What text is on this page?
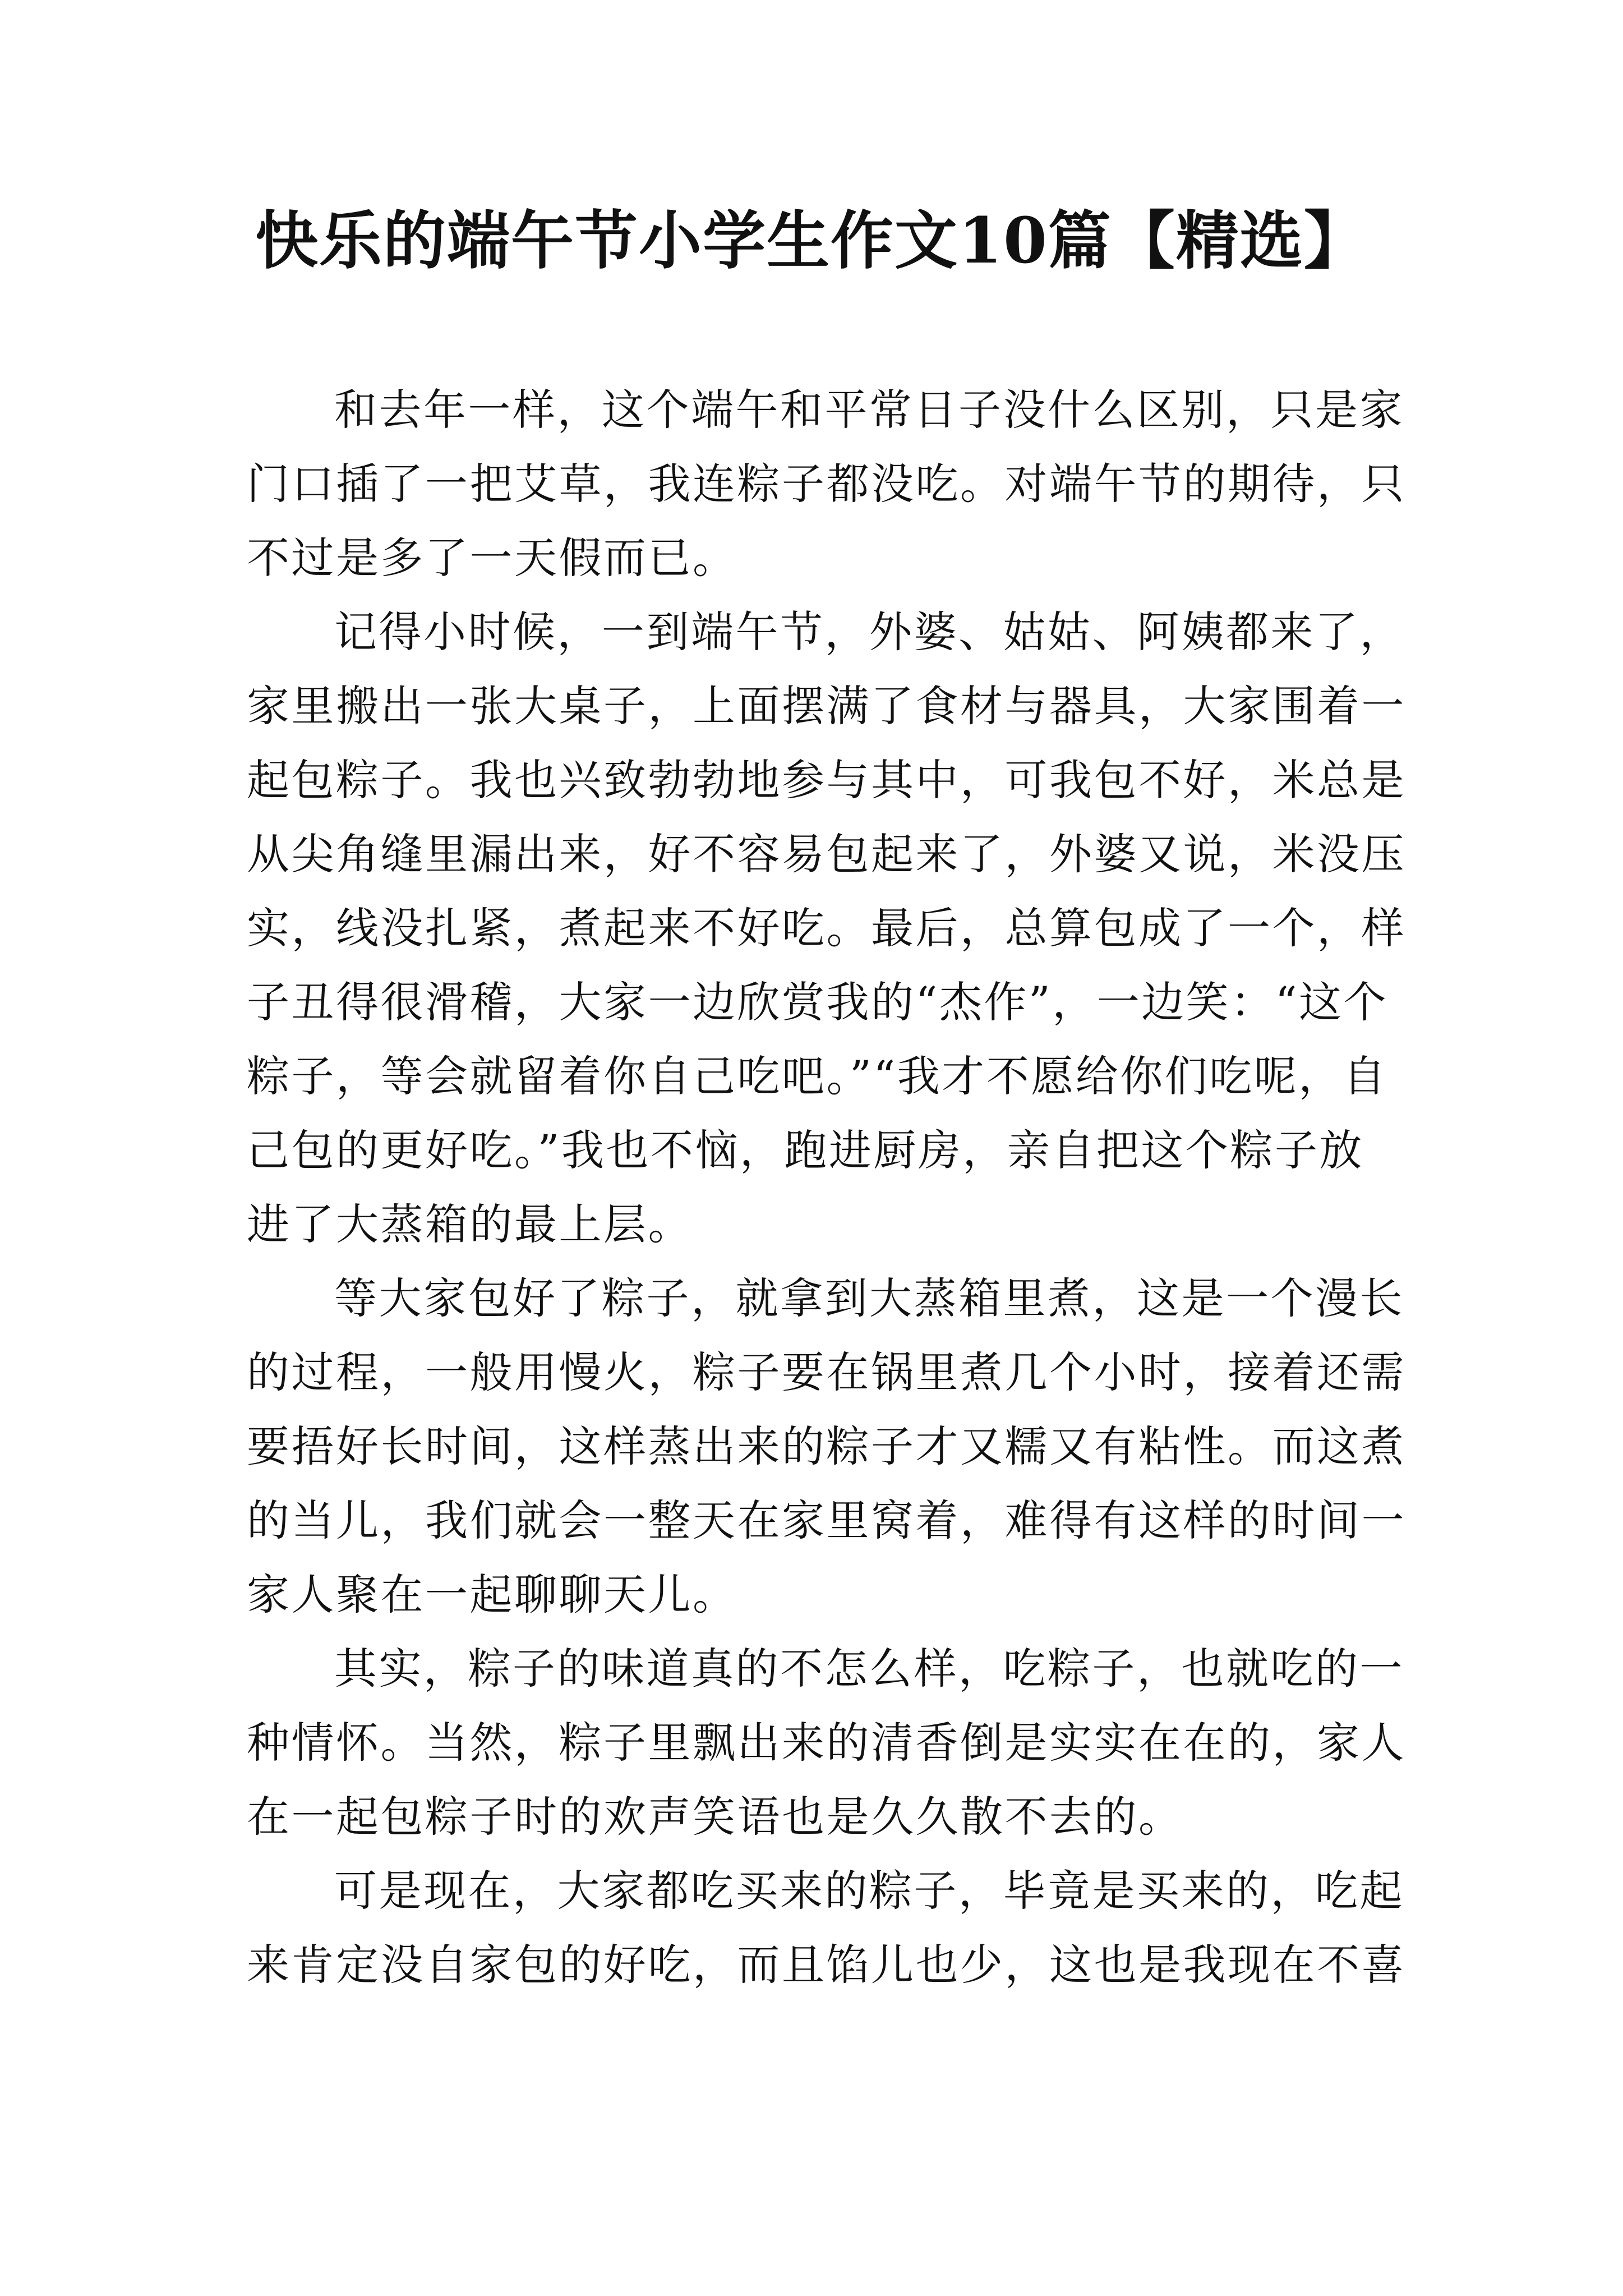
快乐的端午节小学生作文10篇【精选】
和去年一样，这个端午和平常日子没什么区别，只是家
门口插了一把艾草，我连粽子都没吃。对端午节的期待，只
不过是多了一天假而已。
记得小时候，一到端午节，外婆、姑姑、阿姨都来了，
家里搬出一张大桌子，上面摆满了食材与器具，大家围着一
起包粽子。我也兴致勃勃地参与其中，可我包不好，米总是
从尖角缝里漏出来，好不容易包起来了，外婆又说，米没压
实，线没扎紧，煮起来不好吃。最后，总算包成了一个，样
子丑得很滑稽，大家一边欣赏我的“杰作”，一边笑：“这个
粽子，等会就留着你自己吃吧。”“我才不愿给你们吃呢，自
己包的更好吃。”我也不恼，跑进厨房，亲自把这个粽子放
进了大蒸箱的最上层。
等大家包好了粽子，就拿到大蒸箱里煮，这是一个漫长
的过程，一般用慢火，粽子要在锅里煮几个小时，接着还需
要捂好长时间，这样蒸出来的粽子才又糯又有粘性。而这煮
的当儿，我们就会一整天在家里窝着，难得有这样的时间一
家人聚在一起聊聊天儿。
其实，粽子的味道真的不怎么样，吃粽子，也就吃的一
种情怀。当然，粽子里飘出来的清香倒是实实在在的，家人
在一起包粽子时的欢声笑语也是久久散不去的。
可是现在，大家都吃买来的粽子，毕竟是买来的，吃起
来肯定没自家包的好吃，而且馅儿也少，这也是我现在不喜
